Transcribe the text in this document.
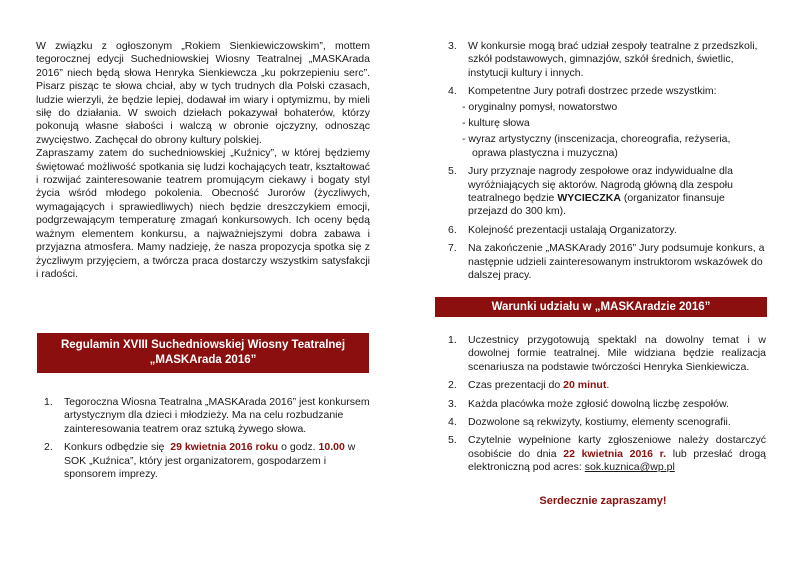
W związku z ogłoszonym „Rokiem Sienkiewiczowskim”, mottem tegorocznej edycji Suchedniowskiej Wiosny Teatralnej „MASKArada 2016” niech będą słowa Henryka Sienkiewcza „ku pokrzepieniu serc”. Pisarz pisząc te słowa chciał, aby w tych trudnych dla Polski czasach, ludzie wierzyli, że będzie lepiej, dodawał im wiary i optymizmu, by mieli siłę do działania. W swoich dziełach pokazywał bohaterów, którzy pokonują własne słabości i walczą w obronie ojczyzny, odnosząc zwycięstwo. Zachęcał do obrony kultury polskiej.

Zapraszamy zatem do suchedniowskiej „Kuźnicy”, w której będziemy świętować możliwość spotkania się ludzi kochających teatr, kształtować i rozwijać zainteresowanie teatrem promującym ciekawy i bogaty styl życia wśród młodego pokolenia. Obecność Jurorów (życzliwych, wymagających i sprawiedliwych) niech będzie dreszczykiem emocji, podgrzewającym temperaturę zmagań konkursowych. Ich oceny będą ważnym elementem konkursu, a najważniejszymi dobra zabawa i przyjazna atmosfera. Mamy nadzieję, że nasza propozycja spotka się z życzliwym przyjęciem, a twórcza praca dostarczy wszystkim satysfakcji i radości.

Regulamin XVIII Suchedniowskiej Wiosny Teatralnej
„MASKArada 2016”
1. Tegoroczna Wiosna Teatralna „MASKArada 2016” jest konkursem artystycznym dla dzieci i młodzieży. Ma na celu rozbudzanie zainteresowania teatrem oraz sztuką żywego słowa.
2. Konkurs odbędzie się 29 kwietnia 2016 roku o godz. 10.00 w SOK „Kuźnica”, który jest organizatorem, gospodarzem i sponsorem imprezy.
3. W konkursie mogą brać udział zespoły teatralne z przedszkoli, szkół podstawowych, gimnazjów, szkół średnich, świetlic, instytucji kultury i innych.
4. Kompetentne Jury potrafi dostrzec przede wszystkim:
- oryginalny pomysł, nowatorstwo
- kulturę słowa
- wyraz artystyczny (inscenizacja, choreografia, reżyseria,
oprawa plastyczna i muzyczna)
5. Jury przyznaje nagrody zespołowe oraz indywidualne dla wyróżniających się aktorów. Nagrodą główną dla zespołu teatralnego będzie WYCIECZKA (organizator finansuje przejazd do 300 km).
6. Kolejność prezentacji ustalają Organizatorzy.
7. Na zakończenie „MASKArady 2016” Jury podsumuje konkurs, a następnie udzieli zainteresowanym instruktorom wskazówek do dalszej pracy.
Warunki udziału w „MASKAradzie 2016”
1. Uczestnicy przygotowują spektakl na dowolny temat i w dowolnej formie teatralnej. Mile widziana będzie realizacja scenariusza na podstawie twórczości Henryka Sienkiewicza.
2. Czas prezentacji do 20 minut.
3. Każda placówka może zgłosić dowolną liczbę zespołów.
4. Dozwolone są rekwizyty, kostiumy, elementy scenografii.
5. Czytelnie wypełnione karty zgłoszeniowe należy dostarczyć osobiście do dnia 22 kwietnia 2016 r. lub przesłać drogą elektroniczną pod acres: sok.kuznica@wp.pl
Serdecznie zapraszamy!
